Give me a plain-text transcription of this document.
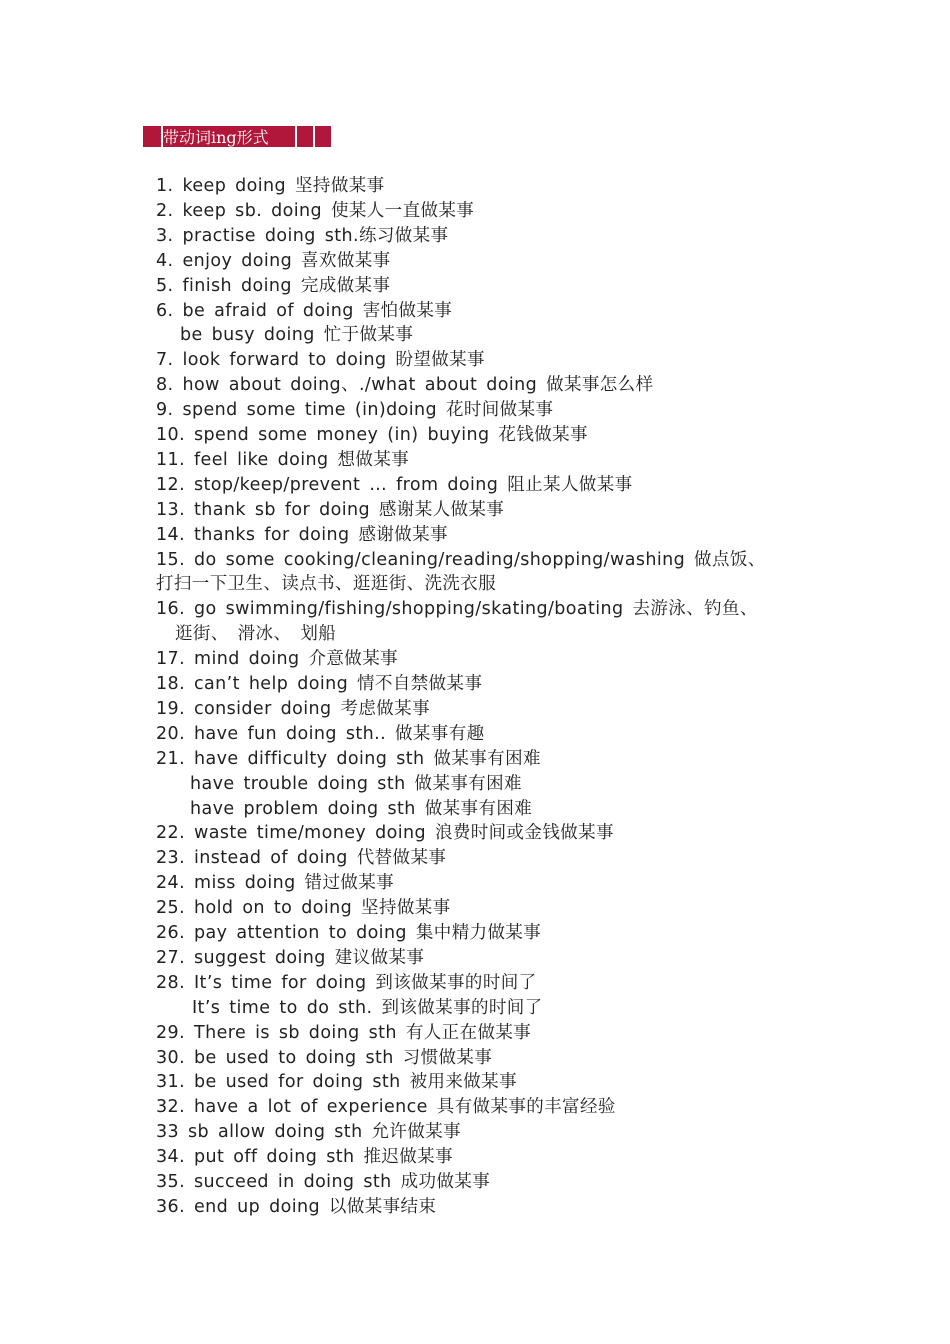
带动词ing形式
1. keep doing 坚持做某事
2. keep sb. doing 使某人一直做某事
3. practise doing sth.练习做某事
4. enjoy doing 喜欢做某事
5. finish doing 完成做某事
6. be afraid of doing 害怕做某事
be busy doing 忙于做某事
7. look forward to doing 盼望做某事
8. how about doing、./what about doing 做某事怎么样
9. spend some time (in)doing 花时间做某事
10. spend some money (in) buying 花钱做某事
11. feel like doing 想做某事
12. stop/keep/prevent … from doing 阻止某人做某事
13. thank sb for doing 感谢某人做某事
14. thanks for doing 感谢做某事
15. do some cooking/cleaning/reading/shopping/washing 做点饭、
打扫一下卫生、读点书、逛逛街、洗洗衣服
16. go swimming/fishing/shopping/skating/boating 去游泳、钓鱼、
逛街、 滑冰、 划船
17. mind doing 介意做某事
18. can’t help doing 情不自禁做某事
19. consider doing 考虑做某事
20. have fun doing sth.. 做某事有趣
21. have difficulty doing sth 做某事有困难
have trouble doing sth 做某事有困难
have problem doing sth 做某事有困难
22. waste time/money doing 浪费时间或金钱做某事
23. instead of doing 代替做某事
24. miss doing 错过做某事
25. hold on to doing 坚持做某事
26. pay attention to doing 集中精力做某事
27. suggest doing 建议做某事
28. It’s time for doing 到该做某事的时间了
It’s time to do sth. 到该做某事的时间了
29. There is sb doing sth 有人正在做某事
30. be used to doing sth 习惯做某事
31. be used for doing sth 被用来做某事
32. have a lot of experience 具有做某事的丰富经验
33 sb allow doing sth 允许做某事
34. put off doing sth 推迟做某事
35. succeed in doing sth 成功做某事
36. end up doing 以做某事结束
